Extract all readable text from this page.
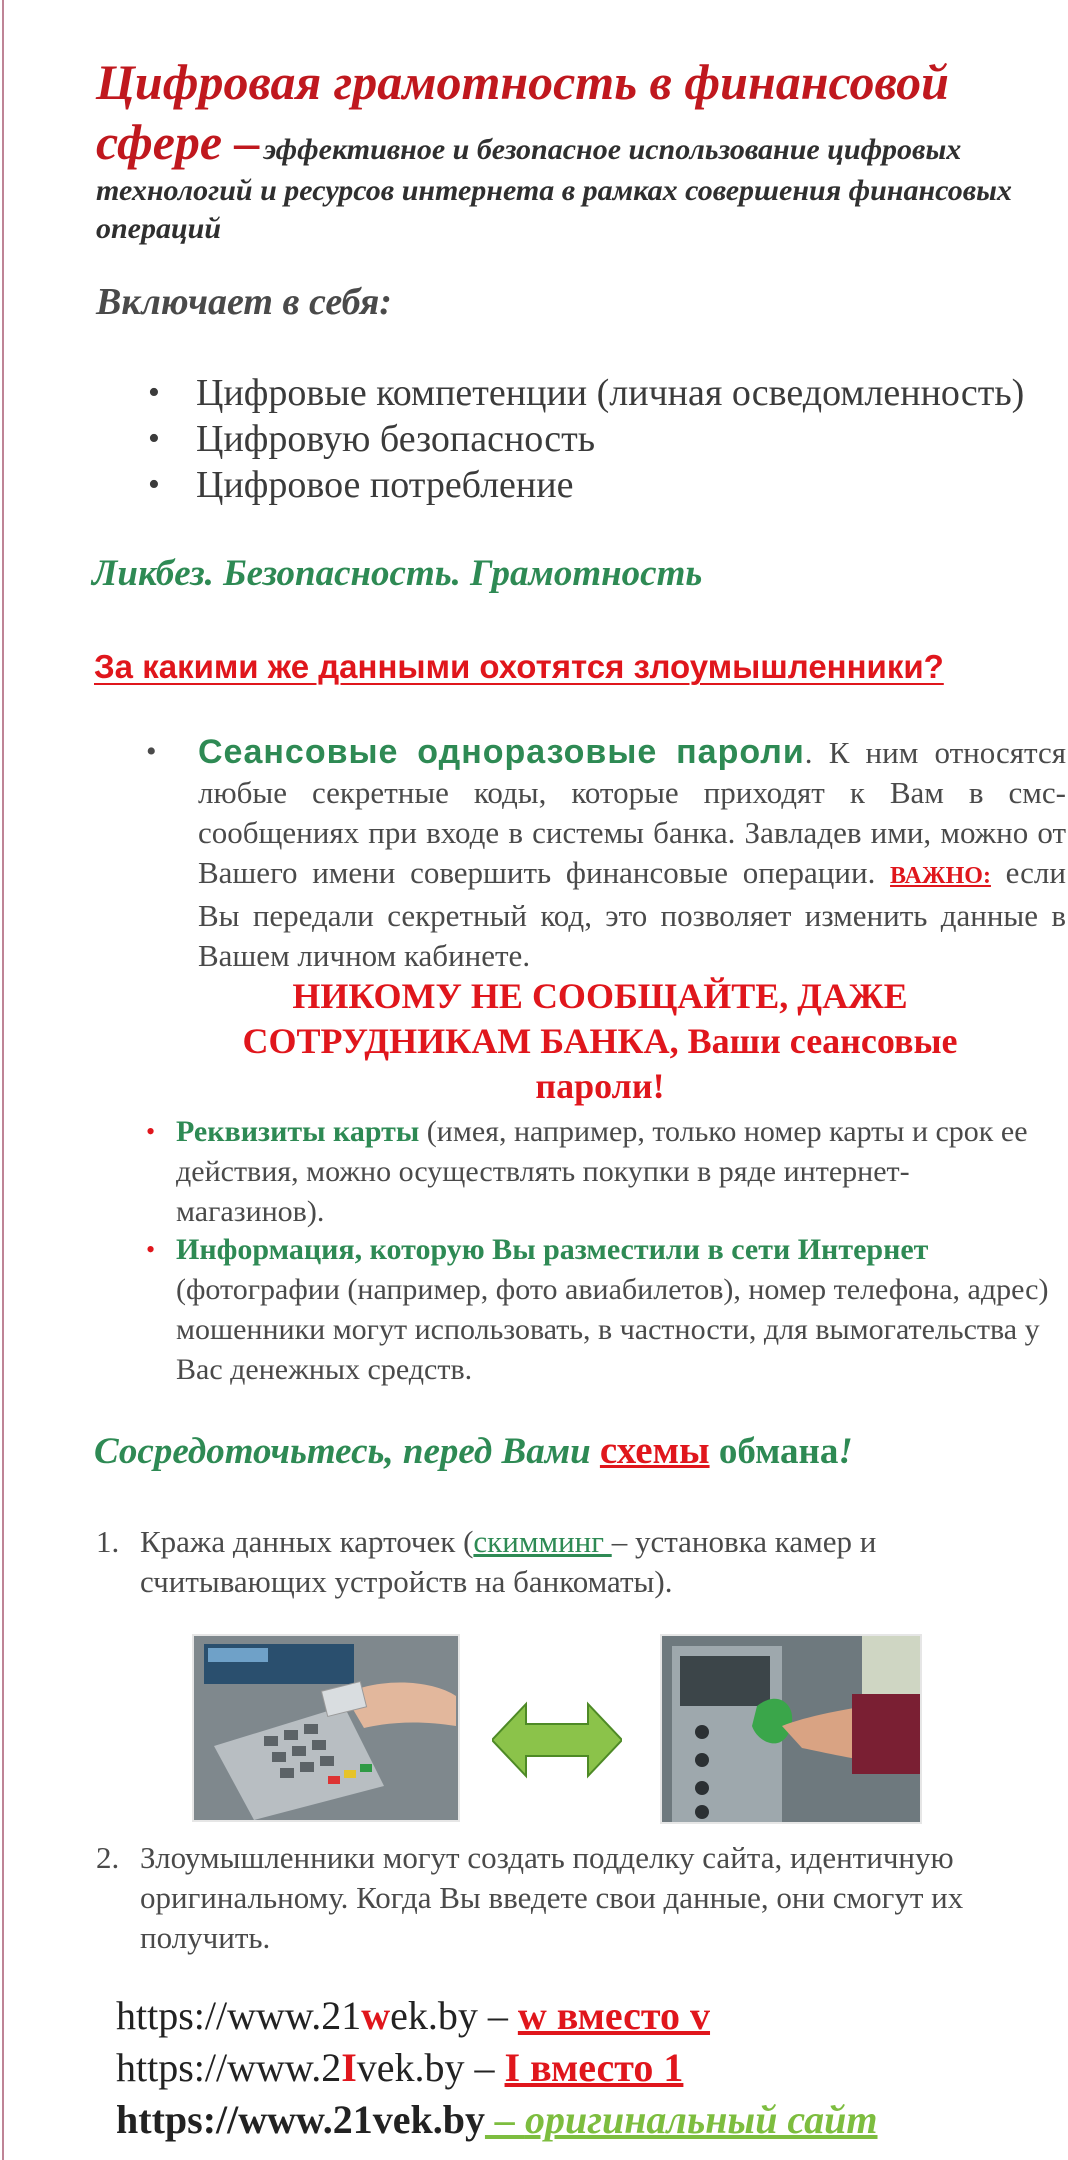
Цифровая грамотность в финансовой
сфере – эффективное и безопасное использование цифровых
технологий и ресурсов интернета в рамках совершения финансовых
операций
Включает в себя:
• Цифровые компетенции (личная осведомленность)
• Цифровую безопасность
• Цифровое потребление
Ликбез. Безопасность. Грамотность
За какими же данными охотятся злоумышленники?
• Сеансовые одноразовые пароли. К ним относятся любые секретные коды, которые приходят к Вам в смс-сообщениях при входе в системы банка. Завладев ими, можно от Вашего имени совершить финансовые операции. ВАЖНО: если Вы передали секретный код, это позволяет изменить данные в Вашем личном кабинете.
НИКОМУ НЕ СООБЩАЙТЕ, ДАЖЕ
СОТРУДНИКАМ БАНКА, Ваши сеансовые
пароли!
• Реквизиты карты (имея, например, только номер карты и срок ее действия, можно осуществлять покупки в ряде интернет-магазинов).
• Информация, которую Вы разместили в сети Интернет (фотографии (например, фото авиабилетов), номер телефона, адрес) мошенники могут использовать, в частности, для вымогательства у Вас денежных средств.
Сосредоточьтесь, перед Вами схемы обмана!
1. Кража данных карточек (скимминг – установка камер и считывающих устройств на банкоматы).
2. Злоумышленники могут создать подделку сайта, идентичную оригинальному. Когда Вы введете свои данные, они смогут их получить.
https://www.21wek.by – w вместо v
https://www.2Ivek.by – I вместо 1
https://www.21vek.by – оригинальный сайт
